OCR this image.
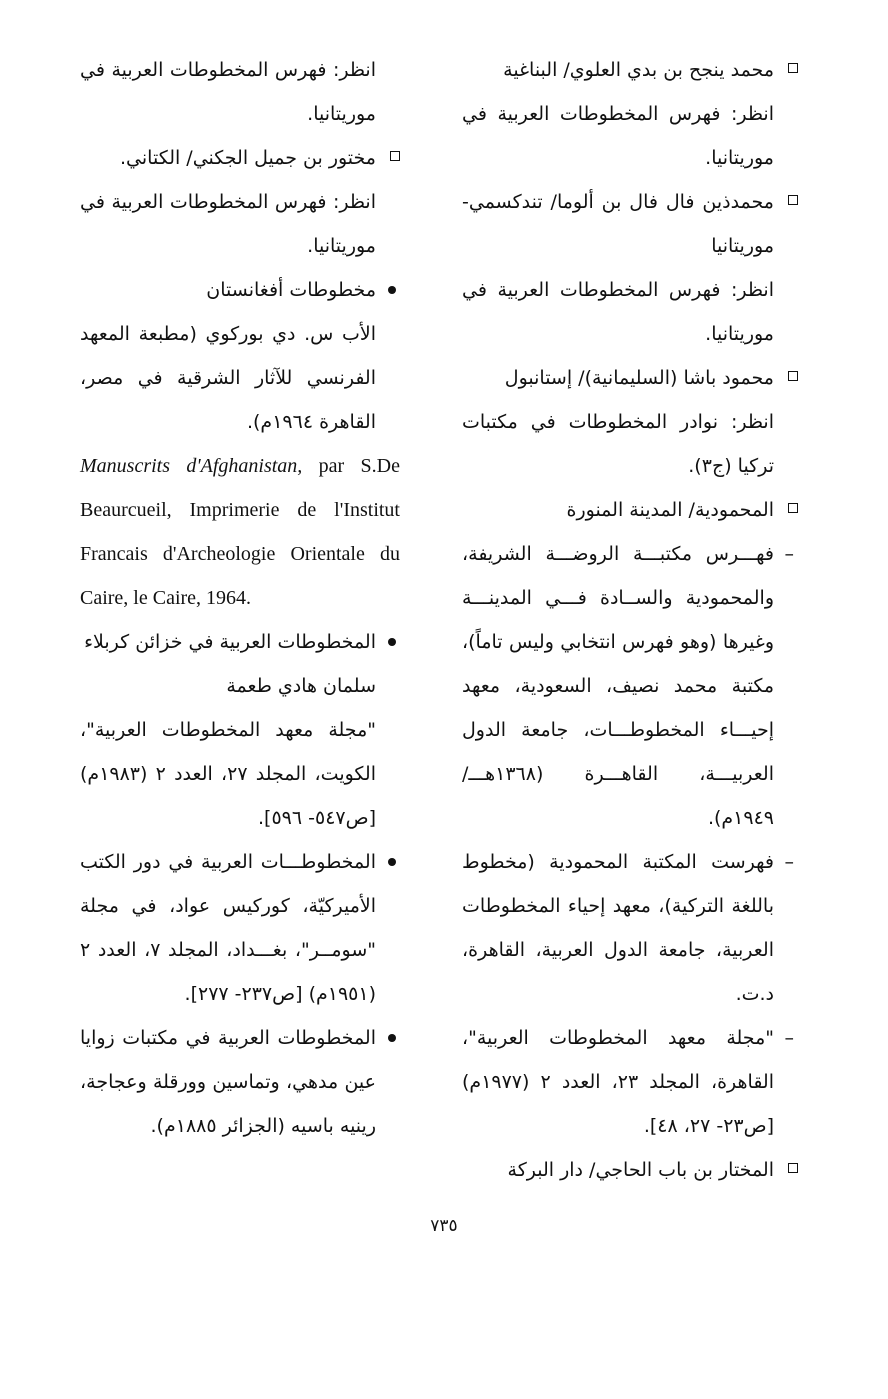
محمد ينجح بن بدي العلوي/ البناغية

انظر: فهرس المخطوطات العربية في موريتانيا.

محمدذين فال فال بن ألوما/ تندكسمي- موريتانيا

انظر: فهرس المخطوطات العربية في موريتانيا.

محمود باشا (السليمانية)/ إستانبول

انظر: نوادر المخطوطات في مكتبات تركيا (ج٣).

المحمودية/ المدينة المنورة

–

فهـــرس مكتبـــة الروضـــة الشريفة، والمحمودية والســادة فـــي المدينـــة وغيرها (وهو فهرس انتخابي وليس تاماً)، مكتبة محمد نصيف، السعودية، معهد إحيـــاء المخطوطـــات، جامعة الدول العربيـــة، القاهـــرة (١٣٦٨هـــ/ ١٩٤٩م).

–

فهرست المكتبة المحمودية (مخطوط باللغة التركية)، معهد إحياء المخطوطات العربية، جامعة الدول العربية، القاهرة، د.ت.

–

"مجلة معهد المخطوطات العربية"، القاهرة، المجلد ٢٣، العدد ٢ (١٩٧٧م) [ص٢٣- ٢٧، ٤٨].

المختار بن باب الحاجي/ دار البركة

انظر: فهرس المخطوطات العربية في موريتانيا.

مختور بن جميل الجكني/ الكتاني.

انظر: فهرس المخطوطات العربية في موريتانيا.

مخطوطات أفغانستان

الأب س. دي بوركوي (مطبعة المعهد الفرنسي للآثار الشرقية في مصر، القاهرة ١٩٦٤م).

Manuscrits d'Afghanistan, par S.De Beaurcueil, Imprimerie de l'Institut Francais d'Archeologie Orientale du Caire, le Caire, 1964.

المخطوطات العربية في خزائن كربلاء

سلمان هادي طعمة

"مجلة معهد المخطوطات العربية"، الكويت، المجلد ٢٧، العدد ٢ (١٩٨٣م) [ص٥٤٧- ٥٩٦].

المخطوطـــات العربية في دور الكتب الأميركيّة، كوركيس عواد، في مجلة "سومــر"، بغـــداد، المجلد ٧، العدد ٢ (١٩٥١م) [ص٢٣٧- ٢٧٧].

المخطوطات العربية في مكتبات زوايا عين مدهي، وتماسين وورقلة وعجاجة، رينيه باسيه (الجزائر ١٨٨٥م).

٧٣٥
